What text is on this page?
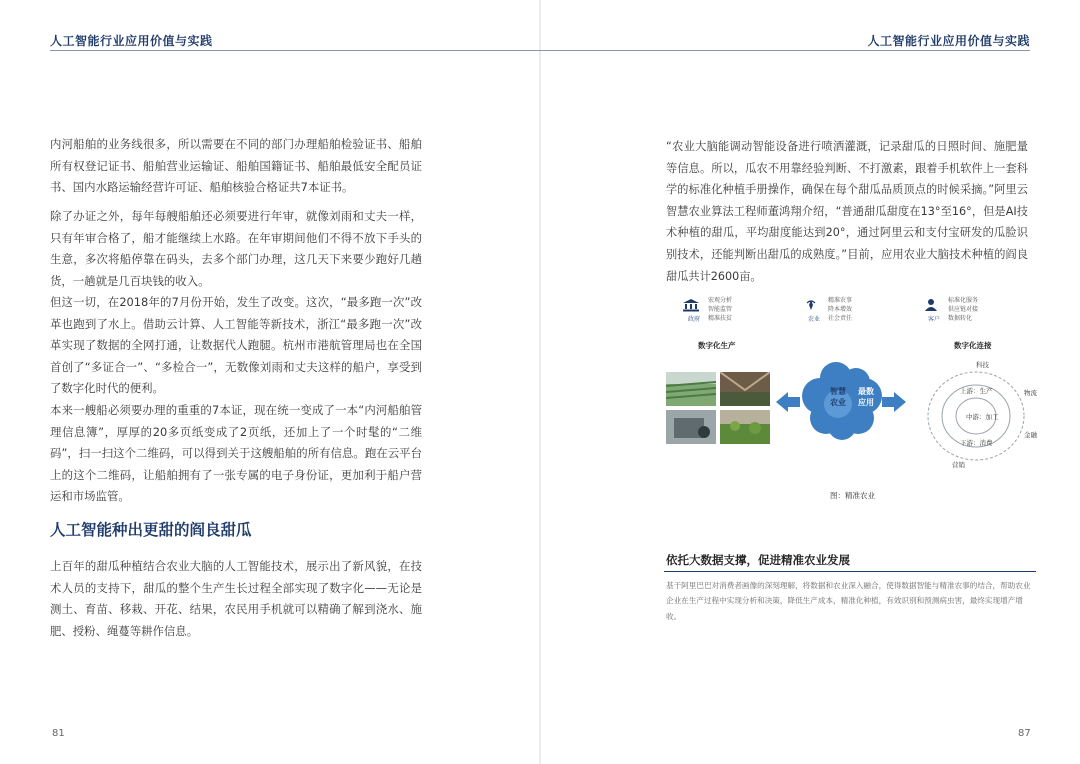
人工智能行业应用价值与实践

内河船舶的业务线很多，所以需要在不同的部门办理船舶检验证书、船舶所有权登记证书、船舶营业运输证、船舶国籍证书、船舶最低安全配员证书、国内水路运输经营许可证、船舶核验合格证共7本证书。

除了办证之外，每年每艘船舶还必须要进行年审，就像刘雨和丈夫一样，只有年审合格了，船才能继续上水路。在年审期间他们不得不放下手头的生意，多次将船停靠在码头，去多个部门办理，这几天下来要少跑好几趟货，一趟就是几百块钱的收入。

但这一切，在2018年的7月份开始，发生了改变。这次，“最多跑一次”改革也跑到了水上。借助云计算、人工智能等新技术，浙江“最多跑一次”改革实现了数据的全网打通，让数据代人跑腿。杭州市港航管理局也在全国首创了“多证合一”、“多检合一”，无数像刘雨和丈夫这样的船户，享受到了数字化时代的便利。

本来一艘船必须要办理的重重的7本证，现在统一变成了一本“内河船舶管理信息簿”，厚厚的20多页纸变成了2页纸，还加上了一个时髦的“二维码”，扫一扫这个二维码，可以得到关于这艘船舶的所有信息。跑在云平台上的这个二维码，让船舶拥有了一张专属的电子身份证，更加利于船户营运和市场监管。

人工智能种出更甜的阎良甜瓜

上百年的甜瓜种植结合农业大脑的人工智能技术，展示出了新风貌，在技术人员的支持下，甜瓜的整个生产生长过程全部实现了数字化——无论是测土、育苗、移栽、开花、结果，农民用手机就可以精确了解到浇水、施肥、授粉、绳蔓等耕作信息。

81
人工智能行业应用价值与实践

“农业大脑能调动智能设备进行喷洒灌溉，记录甜瓜的日照时间、施肥量等信息。所以，瓜农不用靠经验判断、不打激素，跟着手机软件上一套科学的标准化种植手册操作，确保在每个甜瓜品质顶点的时候采摘。”阿里云智慧农业算法工程师董鸿翔介绍，“普通甜瓜甜度在13°至16°，但是AI技术种植的甜瓜，平均甜度能达到20°，通过阿里云和支付宝研发的瓜脸识别技术，还能判断出甜瓜的成熟度。”目前，应用农业大脑技术种植的阎良甜瓜共计2600亩。

政府
宏观分析
智能监管
精准扶贫	农业
精准农事
降本增效
社会责任	客户
标准化服务
供应链对接
数据转化
数字化生产	数字化连接
智慧
农业
最数
应用
科技
上游：生产
中游：加工
下游：消费
物流
金融
营销
图：精准农业
依托大数据支撑，促进精准农业发展

基于阿里巴巴对消费者画像的深刻理解，将数据和农业深入融合，使得数据智能与精准农事的结合，帮助农业企业在生产过程中实现分析和决策，降低生产成本，精准化种植，有效识别和预测病虫害，最终实现增产增收。

87
